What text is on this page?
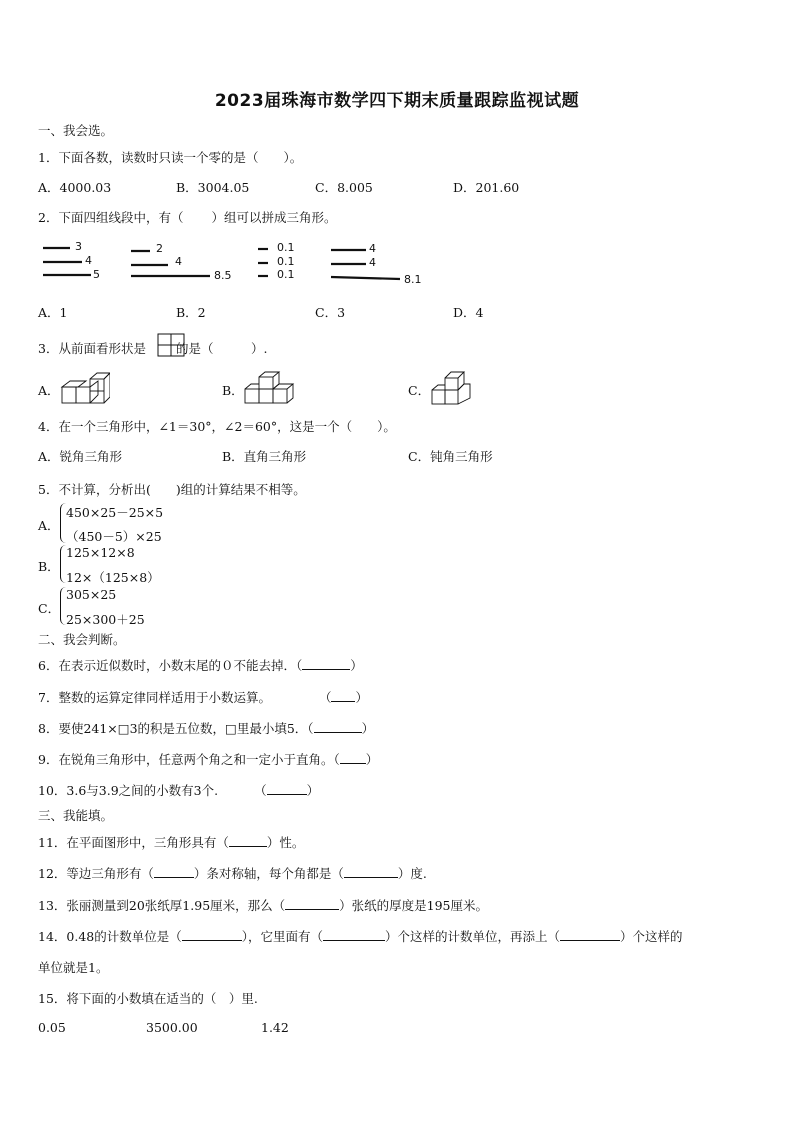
2023届珠海市数学四下期末质量跟踪监视试题
一、我会选。
1．下面各数，读数时只读一个零的是（　　）。
A．4000.03	B．3004.05	C．8.005	D．201.60
2．下面四组线段中，有（ ）组可以拼成三角形。
3
4
5
2
4
8.5
0.1
0.1
0.1
4
4
8.1
A．1	B．2	C．3	D．4
3．从前面看形状是 的是（　　　）.
A．	B．	C．
4．在一个三角形中，∠1＝30°，∠2＝60°，这是一个（　　）。
A．锐角三角形	B．直角三角形	C．钝角三角形
5．不计算，分析出(　　)组的计算结果不相等。
A．
450×25－25×5
（450－5）×25
B．
125×12×8
12×（125×8）
C．
305×25
25×300＋25
二、我会判断。
6．在表示近似数时，小数末尾的０不能去掉．（	）
7．整数的运算定律同样适用于小数运算。	（ ）
8．要使241×□3的积是五位数，□里最小填5．（	）
9．在锐角三角形中，任意两个角之和一定小于直角。（ ）
10．3.6与3.9之间的小数有3个.	（	）
三、我能填。
11．在平面图形中，三角形具有（	）性。
12．等边三角形有（	）条对称轴，每个角都是（	）度.
13．张丽测量到20张纸厚1.95厘米，那么（	）张纸的厚度是195厘米。
14．0.48的计数单位是（	），它里面有（	）个这样的计数单位，再添上（	）个这样的
单位就是1。
15．将下面的小数填在适当的（　）里.
0.05	3500.00	1.42
